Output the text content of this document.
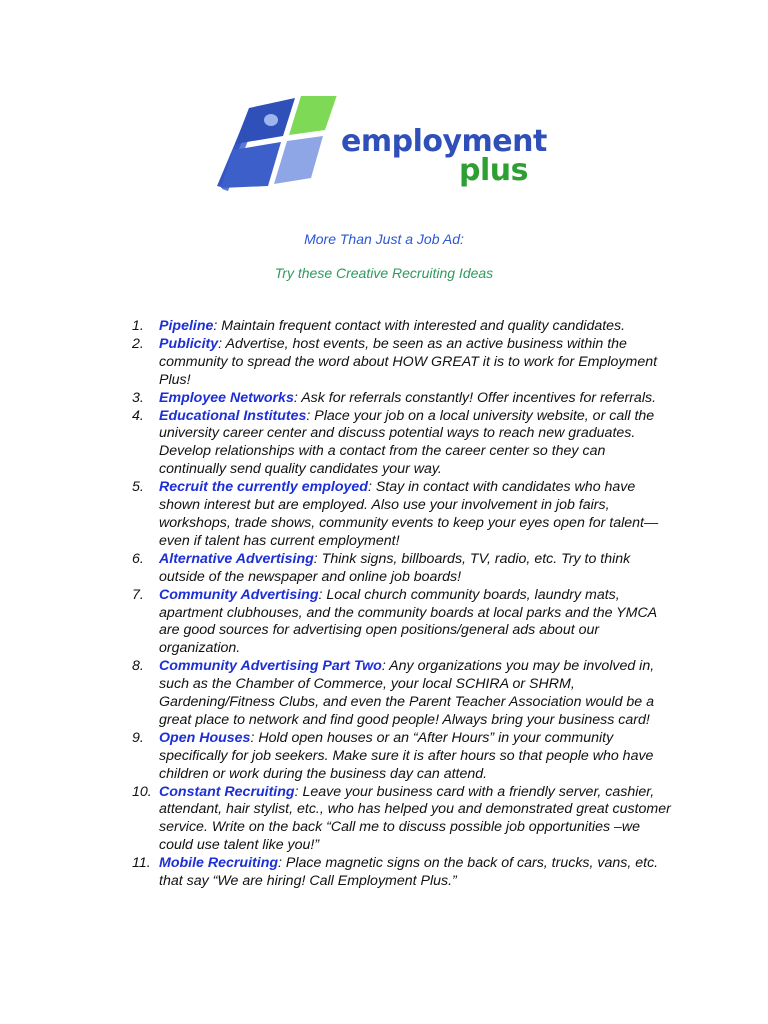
employment
plus
More Than Just a Job Ad:
Try these Creative Recruiting Ideas
1.	Pipeline: Maintain frequent contact with interested and quality candidates.
2.	Publicity: Advertise, host events, be seen as an active business within the community to spread the word about HOW GREAT it is to work for Employment Plus!
3.	Employee Networks: Ask for referrals constantly! Offer incentives for referrals.
4.	Educational Institutes: Place your job on a local university website, or call the university career center and discuss potential ways to reach new graduates. Develop relationships with a contact from the career center so they can continually send quality candidates your way.
5.	Recruit the currently employed: Stay in contact with candidates who have shown interest but are employed. Also use your involvement in job fairs, workshops, trade shows, community events to keep your eyes open for talent—even if talent has current employment!
6.	Alternative Advertising: Think signs, billboards, TV, radio, etc. Try to think outside of the newspaper and online job boards!
7.	Community Advertising: Local church community boards, laundry mats, apartment clubhouses, and the community boards at local parks and the YMCA are good sources for advertising open positions/general ads about our organization.
8.	Community Advertising Part Two: Any organizations you may be involved in, such as the Chamber of Commerce, your local SCHIRA or SHRM, Gardening/Fitness Clubs, and even the Parent Teacher Association would be a great place to network and find good people! Always bring your business card!
9.	Open Houses: Hold open houses or an “After Hours” in your community specifically for job seekers. Make sure it is after hours so that people who have children or work during the business day can attend.
10. Constant Recruiting: Leave your business card with a friendly server, cashier, attendant, hair stylist, etc., who has helped you and demonstrated great customer service. Write on the back “Call me to discuss possible job opportunities –we could use talent like you!”
11. Mobile Recruiting: Place magnetic signs on the back of cars, trucks, vans, etc. that say “We are hiring! Call Employment Plus.”
